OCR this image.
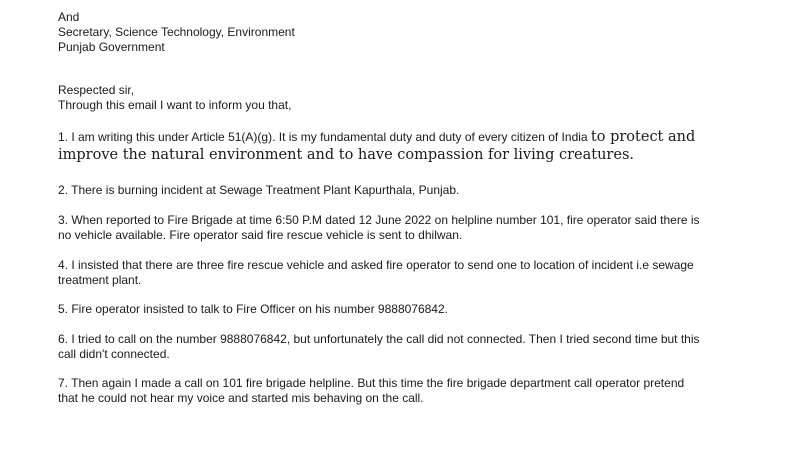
And
Secretary, Science Technology, Environment
Punjab Government
Respected sir,
Through this email I want to inform you that,
1. I am writing this under Article 51(A)(g). It is my fundamental duty and duty of every citizen of India to protect and
improve the natural environment and to have compassion for living creatures.
2. There is burning incident at Sewage Treatment Plant Kapurthala, Punjab.
3. When reported to Fire Brigade at time 6:50 P.M dated 12 June 2022 on helpline number 101, fire operator said there is
no vehicle available. Fire operator said fire rescue vehicle is sent to dhilwan.
4. I insisted that there are three fire rescue vehicle and asked fire operator to send one to location of incident i.e sewage
treatment plant.
5. Fire operator insisted to talk to Fire Officer on his number 9888076842.
6. I tried to call on the number 9888076842, but unfortunately the call did not connected. Then I tried second time but this
call didn't connected.
7. Then again I made a call on 101 fire brigade helpline. But this time the fire brigade department call operator pretend
that he could not hear my voice and started mis behaving on the call.
